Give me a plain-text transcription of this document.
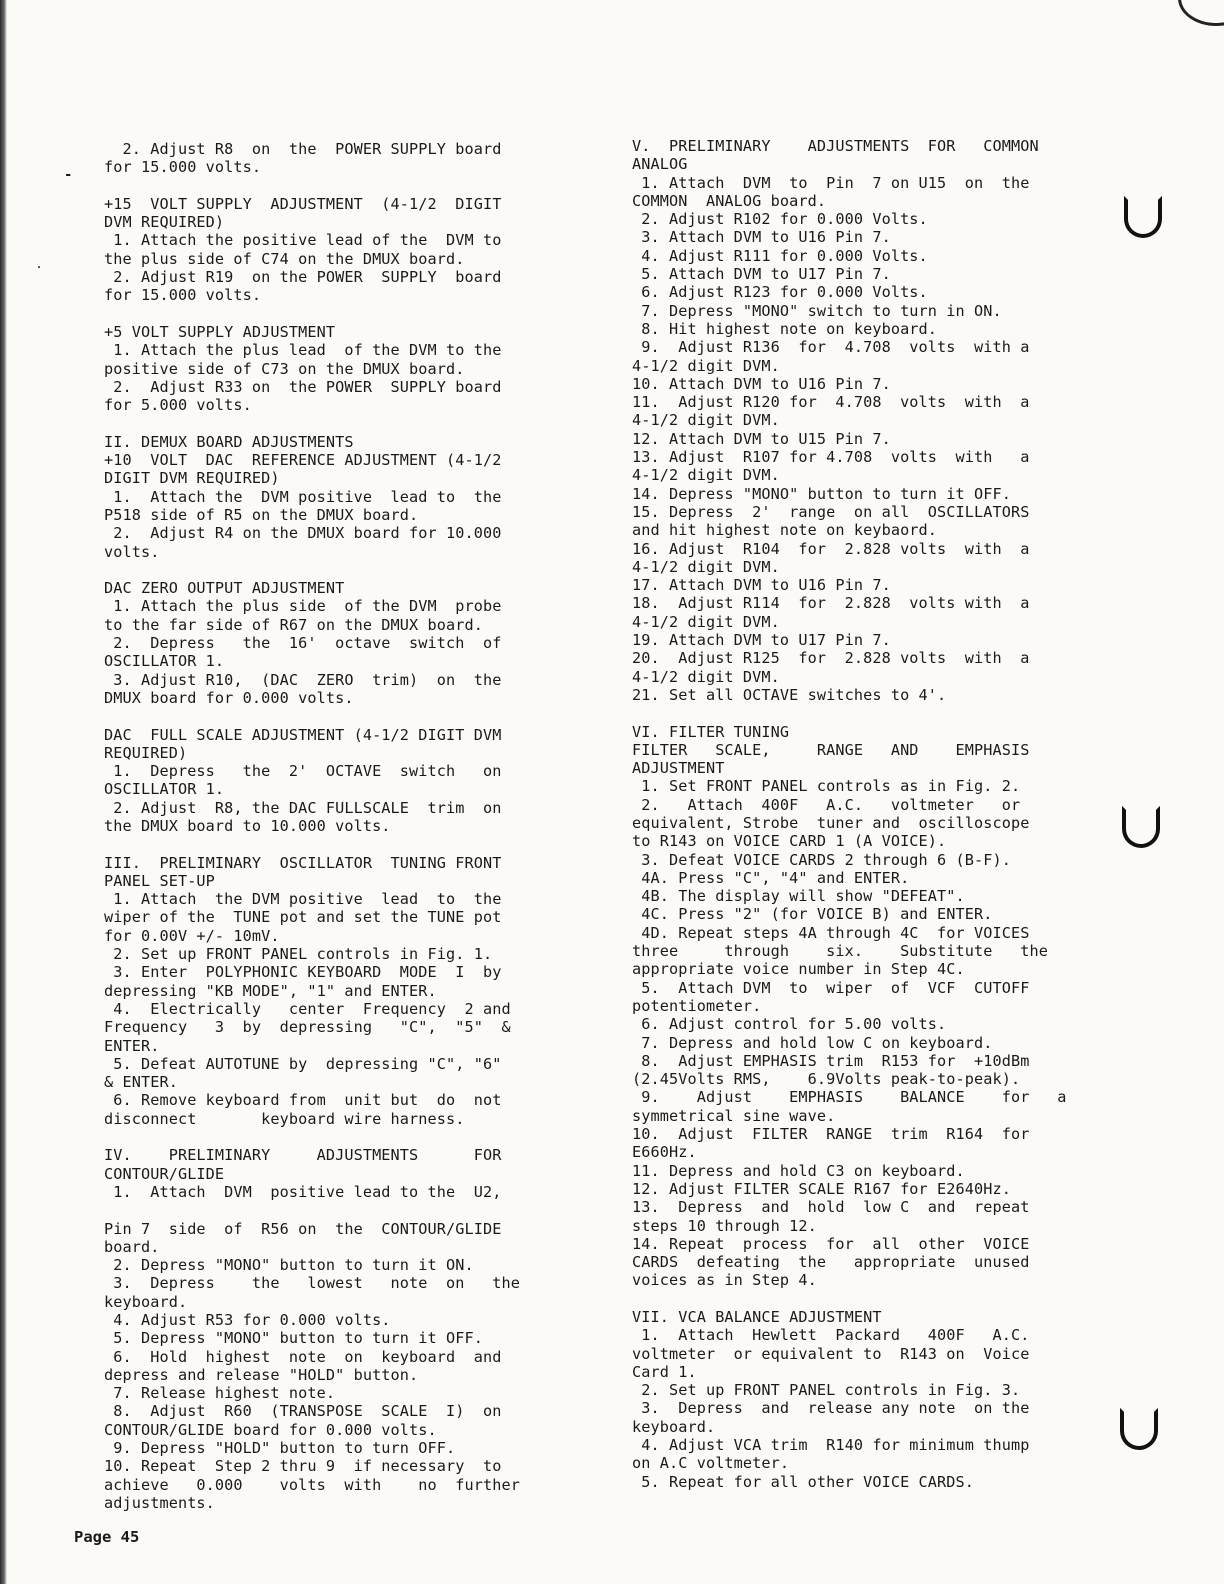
-
.
2. Adjust R8  on  the  POWER SUPPLY board
for 15.000 volts.
+15  VOLT SUPPLY  ADJUSTMENT  (4-1/2  DIGIT
DVM REQUIRED)
1. Attach the positive lead of the  DVM to
the plus side of C74 on the DMUX board.
2. Adjust R19  on the POWER  SUPPLY  board
for 15.000 volts.
+5 VOLT SUPPLY ADJUSTMENT
1. Attach the plus lead  of the DVM to the
positive side of C73 on the DMUX board.
2.  Adjust R33 on  the POWER  SUPPLY board
for 5.000 volts.
II. DEMUX BOARD ADJUSTMENTS
+10  VOLT  DAC  REFERENCE ADJUSTMENT (4-1/2
DIGIT DVM REQUIRED)
1.  Attach the  DVM positive  lead to  the
P518 side of R5 on the DMUX board.
2.  Adjust R4 on the DMUX board for 10.000
volts.
DAC ZERO OUTPUT ADJUSTMENT
1. Attach the plus side  of the DVM  probe
to the far side of R67 on the DMUX board.
2.  Depress   the  16'  octave  switch  of
OSCILLATOR 1.
3. Adjust R10,  (DAC  ZERO  trim)  on  the
DMUX board for 0.000 volts.
DAC  FULL SCALE ADJUSTMENT (4-1/2 DIGIT DVM
REQUIRED)
1.  Depress   the  2'  OCTAVE  switch   on
OSCILLATOR 1.
2. Adjust  R8, the DAC FULLSCALE  trim  on
the DMUX board to 10.000 volts.
III.  PRELIMINARY  OSCILLATOR  TUNING FRONT
PANEL SET-UP
1. Attach  the DVM positive  lead  to  the
wiper of the  TUNE pot and set the TUNE pot
for 0.00V +/- 10mV.
2. Set up FRONT PANEL controls in Fig. 1.
3. Enter  POLYPHONIC KEYBOARD  MODE  I  by
depressing "KB MODE", "1" and ENTER.
4.  Electrically   center  Frequency  2 and
Frequency   3  by  depressing   "C",  "5"  &
ENTER.
5. Defeat AUTOTUNE by  depressing "C", "6"
& ENTER.
6. Remove keyboard from  unit but  do  not
disconnect       keyboard wire harness.
IV.    PRELIMINARY     ADJUSTMENTS      FOR
CONTOUR/GLIDE
1.  Attach  DVM  positive lead to the  U2,
Pin 7  side  of  R56 on  the  CONTOUR/GLIDE
board.
2. Depress "MONO" button to turn it ON.
3.  Depress    the   lowest   note  on   the
keyboard.
4. Adjust R53 for 0.000 volts.
5. Depress "MONO" button to turn it OFF.
6.  Hold  highest  note  on  keyboard  and
depress and release "HOLD" button.
7. Release highest note.
8.  Adjust  R60  (TRANSPOSE  SCALE  I)  on
CONTOUR/GLIDE board for 0.000 volts.
9. Depress "HOLD" button to turn OFF.
10. Repeat  Step 2 thru 9  if necessary  to
achieve   0.000    volts  with    no  further
adjustments.
V.  PRELIMINARY    ADJUSTMENTS  FOR   COMMON
ANALOG
1. Attach  DVM  to  Pin  7 on U15  on  the
COMMON  ANALOG board.
2. Adjust R102 for 0.000 Volts.
3. Attach DVM to U16 Pin 7.
4. Adjust R111 for 0.000 Volts.
5. Attach DVM to U17 Pin 7.
6. Adjust R123 for 0.000 Volts.
7. Depress "MONO" switch to turn in ON.
8. Hit highest note on keyboard.
9.  Adjust R136  for  4.708  volts  with a
4-1/2 digit DVM.
10. Attach DVM to U16 Pin 7.
11.  Adjust R120 for  4.708  volts  with  a
4-1/2 digit DVM.
12. Attach DVM to U15 Pin 7.
13. Adjust  R107 for 4.708  volts  with   a
4-1/2 digit DVM.
14. Depress "MONO" button to turn it OFF.
15. Depress  2'  range  on all  OSCILLATORS
and hit highest note on keybaord.
16. Adjust  R104  for  2.828 volts  with  a
4-1/2 digit DVM.
17. Attach DVM to U16 Pin 7.
18.  Adjust R114  for  2.828  volts with  a
4-1/2 digit DVM.
19. Attach DVM to U17 Pin 7.
20.  Adjust R125  for  2.828 volts  with  a
4-1/2 digit DVM.
21. Set all OCTAVE switches to 4'.
VI. FILTER TUNING
FILTER   SCALE,     RANGE   AND    EMPHASIS
ADJUSTMENT
1. Set FRONT PANEL controls as in Fig. 2.
2.   Attach  400F   A.C.   voltmeter   or
equivalent, Strobe  tuner and  oscilloscope
to R143 on VOICE CARD 1 (A VOICE).
3. Defeat VOICE CARDS 2 through 6 (B-F).
4A. Press "C", "4" and ENTER.
4B. The display will show "DEFEAT".
4C. Press "2" (for VOICE B) and ENTER.
4D. Repeat steps 4A through 4C  for VOICES
three     through    six.    Substitute   the
appropriate voice number in Step 4C.
5.  Attach DVM  to  wiper  of  VCF  CUTOFF
potentiometer.
6. Adjust control for 5.00 volts.
7. Depress and hold low C on keyboard.
8.  Adjust EMPHASIS trim  R153 for  +10dBm
(2.45Volts RMS,    6.9Volts peak-to-peak).
9.    Adjust    EMPHASIS    BALANCE    for   a
symmetrical sine wave.
10.  Adjust  FILTER  RANGE  trim  R164  for
E660Hz.
11. Depress and hold C3 on keyboard.
12. Adjust FILTER SCALE R167 for E2640Hz.
13.  Depress  and  hold  low C  and  repeat
steps 10 through 12.
14. Repeat  process  for  all  other  VOICE
CARDS  defeating  the   appropriate  unused
voices as in Step 4.
VII. VCA BALANCE ADJUSTMENT
1.  Attach  Hewlett  Packard   400F   A.C.
voltmeter  or equivalent to  R143 on  Voice
Card 1.
2. Set up FRONT PANEL controls in Fig. 3.
3.  Depress  and  release any note  on the
keyboard.
4. Adjust VCA trim  R140 for minimum thump
on A.C voltmeter.
5. Repeat for all other VOICE CARDS.
Page 45
